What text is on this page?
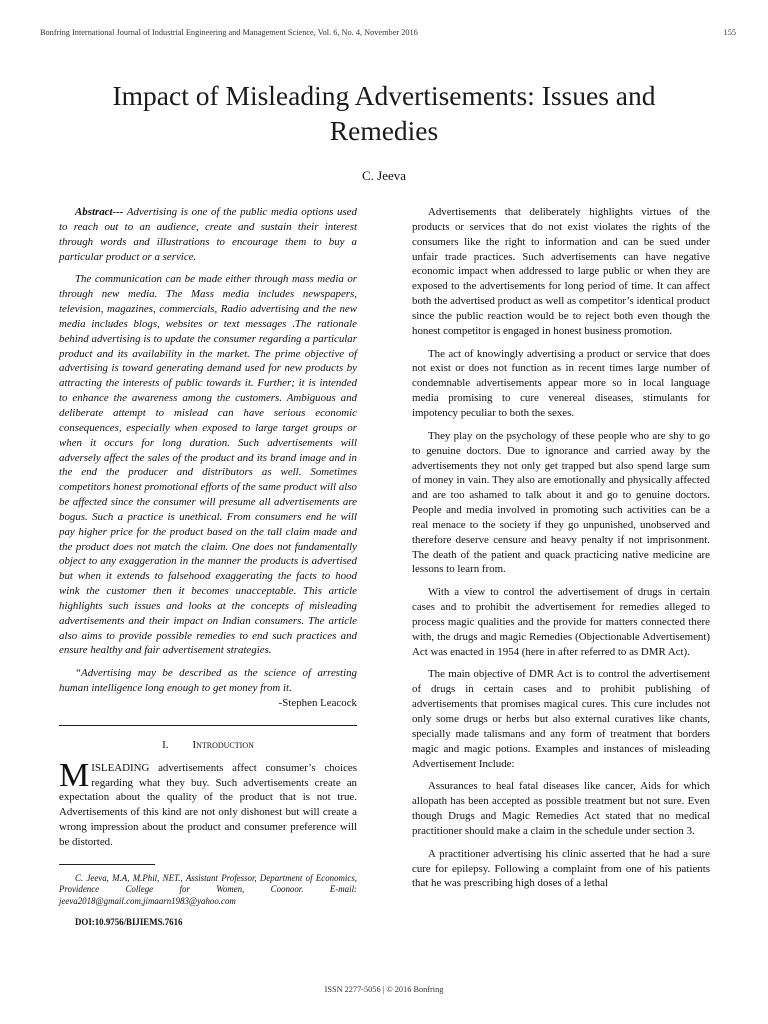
Bonfring International Journal of Industrial Engineering and Management Science, Vol. 6, No. 4, November 2016	155
Impact of Misleading Advertisements: Issues and
Remedies
C. Jeeva

Abstract--- Advertising is one of the public media options used to reach out to an audience, create and sustain their interest through words and illustrations to encourage them to buy a particular product or a service.

The communication can be made either through mass media or through new media. The Mass media includes newspapers, television, magazines, commercials, Radio advertising and the new media includes blogs, websites or text messages .The rationale behind advertising is to update the consumer regarding a particular product and its availability in the market. The prime objective of advertising is toward generating demand used for new products by attracting the interests of public towards it. Further; it is intended to enhance the awareness among the customers. Ambiguous and deliberate attempt to mislead can have serious economic consequences, especially when exposed to large target groups or when it occurs for long duration. Such advertisements will adversely affect the sales of the product and its brand image and in the end the producer and distributors as well. Sometimes competitors honest promotional efforts of the same product will also be affected since the consumer will presume all advertisements are bogus. Such a practice is unethical. From consumers end he will pay higher price for the product based on the tall claim made and the product does not match the claim. One does not fundamentally object to any exaggeration in the manner the products is advertised but when it extends to falsehood exaggerating the facts to hood wink the customer then it becomes unacceptable. This article highlights such issues and looks at the concepts of misleading advertisements and their impact on Indian consumers. The article also aims to provide possible remedies to end such practices and ensure healthy and fair advertisement strategies.

“Advertising may be described as the science of arresting human intelligence long enough to get money from it.

-Stephen Leacock

I. Introduction

MISLEADING advertisements affect consumer’s choices regarding what they buy. Such advertisements create an expectation about the quality of the product that is not true. Advertisements of this kind are not only dishonest but will create a wrong impression about the product and consumer preference will be distorted.

C. Jeeva, M.A, M.Phil, NET., Assistant Professor, Department of Economics, Providence College for Women, Coonoor. E-mail: jeeva2018@gmail.com,jimaarn1983@yahoo.com

DOI:10.9756/BIJIEMS.7616

Advertisements that deliberately highlights virtues of the products or services that do not exist violates the rights of the consumers like the right to information and can be sued under unfair trade practices. Such advertisements can have negative economic impact when addressed to large public or when they are exposed to the advertisements for long period of time. It can affect both the advertised product as well as competitor’s identical product since the public reaction would be to reject both even though the honest competitor is engaged in honest business promotion.

The act of knowingly advertising a product or service that does not exist or does not function as in recent times large number of condemnable advertisements appear more so in local language media promising to cure venereal diseases, stimulants for impotency peculiar to both the sexes.

They play on the psychology of these people who are shy to go to genuine doctors. Due to ignorance and carried away by the advertisements they not only get trapped but also spend large sum of money in vain. They also are emotionally and physically affected and are too ashamed to talk about it and go to genuine doctors. People and media involved in promoting such activities can be a real menace to the society if they go unpunished, unobserved and therefore deserve censure and heavy penalty if not imprisonment. The death of the patient and quack practicing native medicine are lessons to learn from.

With a view to control the advertisement of drugs in certain cases and to prohibit the advertisement for remedies alleged to process magic qualities and the provide for matters connected there with, the drugs and magic Remedies (Objectionable Advertisement) Act was enacted in 1954 (here in after referred to as DMR Act).

The main objective of DMR Act is to control the advertisement of drugs in certain cases and to prohibit publishing of advertisements that promises magical cures. This cure includes not only some drugs or herbs but also external curatives like chants, specially made talismans and any form of treatment that borders magic and magic potions. Examples and instances of misleading Advertisement Include:

Assurances to heal fatal diseases like cancer, Aids for which allopath has been accepted as possible treatment but not sure. Even though Drugs and Magic Remedies Act stated that no medical practitioner should make a claim in the schedule under section 3.

A practitioner advertising his clinic asserted that he had a sure cure for epilepsy. Following a complaint from one of his patients that he was prescribing high doses of a lethal

ISSN 2277-5056 | © 2016 Bonfring
